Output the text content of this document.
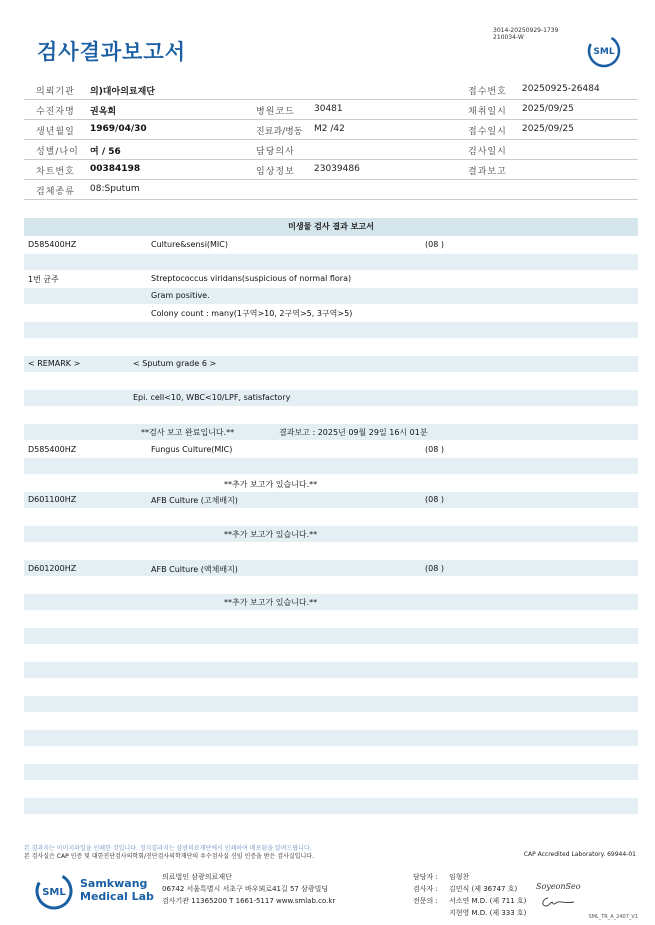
검사결과보고서
3014-20250929-1739
210034-W
SML
의뢰기관 의)대아의료재단	접수번호 20250925-26484
수진자명 권옥희	병원코드 30481	채취일시 2025/09/25
생년월일 1969/04/30	진료과/병동 M2 /42	접수일시 2025/09/25
성별/나이 여 / 56	담당의사	검사일시
차트번호 00384198	임상정보 23039486	결과보고
검체종류 08:Sputum
미생물 검사 결과 보고서
D585400HZ	Culture&sensi(MIC)	(08 )
1번 균주	Streptococcus viridans(suspicious of normal flora)
Gram positive.
Colony count : many(1구역>10, 2구역>5, 3구역>5)
< REMARK >	< Sputum grade 6 >
Epi. cell<10, WBC<10/LPF, satisfactory
**검사 보고 완료입니다.**	결과보고 : 2025년 09월 29일 16시 01분
D585400HZ	Fungus Culture(MIC)	(08 )
**추가 보고가 있습니다.**
D601100HZ	AFB Culture (고체배지)	(08 )
**추가 보고가 있습니다.**
D601200HZ	AFB Culture (액체배지)	(08 )
**추가 보고가 있습니다.**
본 결과지는 이미지파일을 인쇄한 것입니다. 정식결과지는 삼광의료재단에서 인쇄하여 배포됨을 알려드립니다.
본 검사실은 CAP 인증 및 대한진단검사의학회/진단검사의학재단의 우수검사실 신임 인증을 받은 검사실입니다.	CAP Accredited Laboratory. 69944-01
SML
Samkwang
Medical Lab
의료법인 삼광의료재단
06742 서울특별시 서초구 바우뫼로41길 57 삼광빌딩
검사기관 11365200 T 1661-5117 www.smlab.co.kr
담당자 : 임형찬
검사자 : 김민식 (제 36747 호)
전문의 : 서소연 M.D. (제 711 호)
지현영 M.D. (제 333 호)
SoyeonSeo
SML_TR_A_2407_V1
